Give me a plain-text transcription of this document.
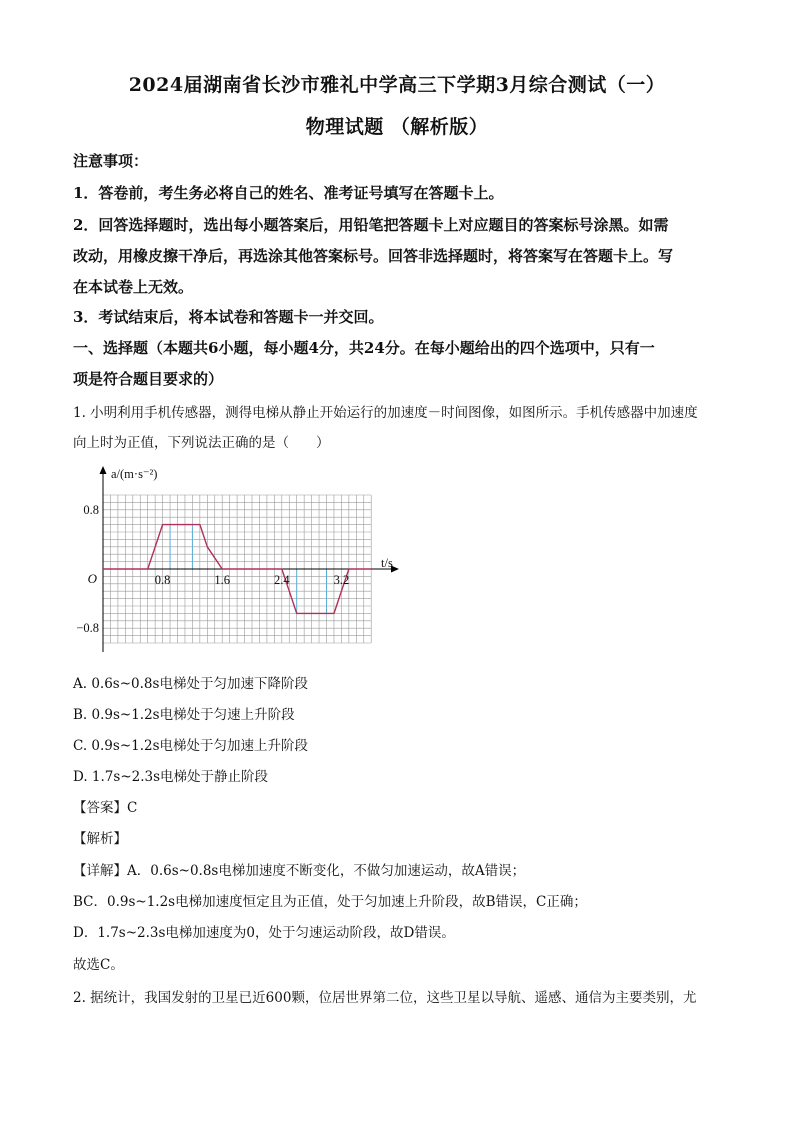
2024届湖南省长沙市雅礼中学高三下学期3月综合测试（一）
物理试题 （解析版）
注意事项：
1．答卷前，考生务必将自己的姓名、准考证号填写在答题卡上。
2．回答选择题时，选出每小题答案后，用铅笔把答题卡上对应题目的答案标号涂黑。如需
改动，用橡皮擦干净后，再选涂其他答案标号。回答非选择题时，将答案写在答题卡上。写
在本试卷上无效。
3．考试结束后，将本试卷和答题卡一并交回。
一、选择题（本题共6小题，每小题4分，共24分。在每小题给出的四个选项中，只有一
项是符合题目要求的）
1. 小明利用手机传感器，测得电梯从静止开始运行的加速度－时间图像，如图所示。手机传感器中加速度
向上时为正值，下列说法正确的是（　　）
0.8	1.6	2.4	3.2
0.8
−0.8
O
a/(m·s⁻²)
t/s
A. 0.6s~0.8s电梯处于匀加速下降阶段
B. 0.9s~1.2s电梯处于匀速上升阶段
C. 0.9s~1.2s电梯处于匀加速上升阶段
D. 1.7s~2.3s电梯处于静止阶段
【答案】C
【解析】
【详解】A．0.6s~0.8s电梯加速度不断变化，不做匀加速运动，故A错误；
BC．0.9s~1.2s电梯加速度恒定且为正值，处于匀加速上升阶段，故B错误，C正确；
D．1.7s~2.3s电梯加速度为0，处于匀速运动阶段，故D错误。
故选C。
2. 据统计，我国发射的卫星已近600颗，位居世界第二位，这些卫星以导航、遥感、通信为主要类别，尤
